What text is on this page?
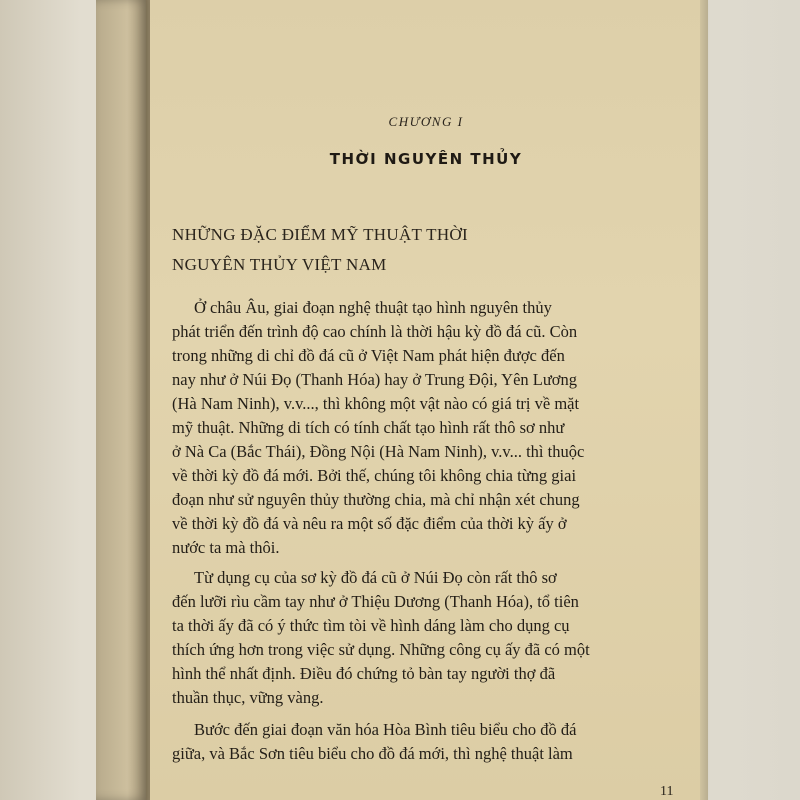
CHƯƠNG I
THỜI NGUYÊN THỦY
NHỮNG ĐẶC ĐIỂM MỸ THUẬT THỜI
NGUYÊN THỦY VIỆT NAM
Ở châu Âu, giai đoạn nghệ thuật tạo hình nguyên thủy
phát triển đến trình độ cao chính là thời hậu kỳ đồ đá cũ. Còn
trong những di chỉ đồ đá cũ ở Việt Nam phát hiện được đến
nay như ở Núi Đọ (Thanh Hóa) hay ở Trung Đội, Yên Lương
(Hà Nam Ninh), v.v..., thì không một vật nào có giá trị về mặt
mỹ thuật. Những di tích có tính chất tạo hình rất thô sơ như
ở Nà Ca (Bắc Thái), Đồng Nội (Hà Nam Ninh), v.v... thì thuộc
về thời kỳ đồ đá mới. Bởi thế, chúng tôi không chia từng giai
đoạn như sử nguyên thủy thường chia, mà chỉ nhận xét chung
về thời kỳ đồ đá và nêu ra một số đặc điểm của thời kỳ ấy ở
nước ta mà thôi.
Từ dụng cụ của sơ kỳ đồ đá cũ ở Núi Đọ còn rất thô sơ
đến lưỡi rìu cầm tay như ở Thiệu Dương (Thanh Hóa), tổ tiên
ta thời ấy đã có ý thức tìm tòi về hình dáng làm cho dụng cụ
thích ứng hơn trong việc sử dụng. Những công cụ ấy đã có một
hình thể nhất định. Điều đó chứng tỏ bàn tay người thợ đã
thuần thục, vững vàng.
Bước đến giai đoạn văn hóa Hòa Bình tiêu biểu cho đồ đá
giữa, và Bắc Sơn tiêu biểu cho đồ đá mới, thì nghệ thuật làm
11
